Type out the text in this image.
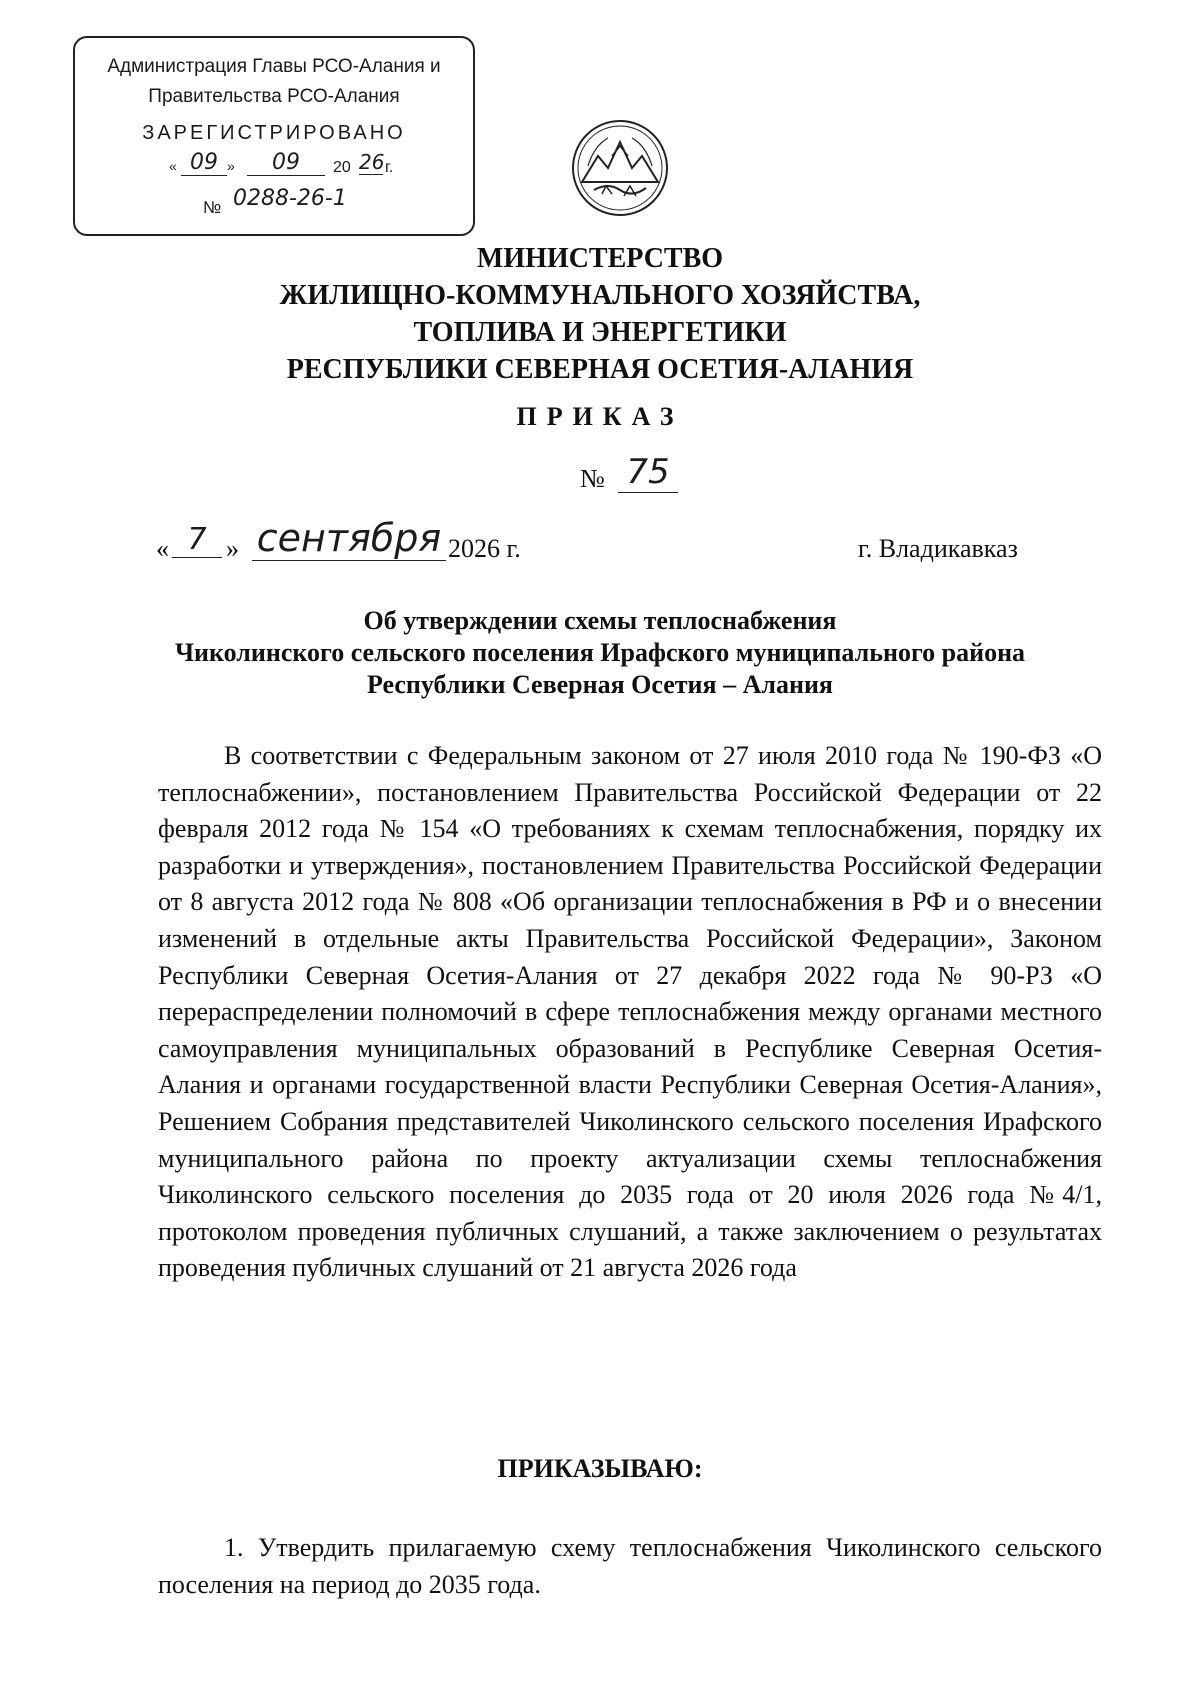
Администрация Главы РСО-Алания и
Правительства РСО-Алания
ЗАРЕГИСТРИРОВАНО
« 09 »	09	20 26 г.
№ 0288-26-1
МИНИСТЕРСТВО
ЖИЛИЩНО-КОММУНАЛЬНОГО ХОЗЯЙСТВА,
ТОПЛИВА И ЭНЕРГЕТИКИ
РЕСПУБЛИКИ СЕВЕРНАЯ ОСЕТИЯ-АЛАНИЯ
ПРИКАЗ
№ 75
« 7 » сентября 2026 г.	г. Владикавказ
Об утверждении схемы теплоснабжения
Чиколинского сельского поселения Ирафского муниципального района
Республики Северная Осетия – Алания
В соответствии с Федеральным законом от 27 июля 2010 года № 190-ФЗ «О теплоснабжении», постановлением Правительства Российской Федерации от 22 февраля 2012 года № 154 «О требованиях к схемам теплоснабжения, порядку их разработки и утверждения», постановлением Правительства Российской Федерации от 8 августа 2012 года № 808 «Об организации теплоснабжения в РФ и о внесении изменений в отдельные акты Правительства Российской Федерации», Законом Республики Северная Осетия-Алания от 27 декабря 2022 года № 90-РЗ «О перераспределении полномочий в сфере теплоснабжения между органами местного самоуправления муниципальных образований в Республике Северная Осетия-Алания и органами государственной власти Республики Северная Осетия-Алания», Решением Собрания представителей Чиколинского сельского поселения Ирафского муниципального района по проекту актуализации схемы теплоснабжения Чиколинского сельского поселения до 2035 года от 20 июля 2026 года №4/1, протоколом проведения публичных слушаний, а также заключением о результатах проведения публичных слушаний от 21 августа 2026 года
ПРИКАЗЫВАЮ:
1. Утвердить прилагаемую схему теплоснабжения Чиколинского сельского поселения на период до 2035 года.
